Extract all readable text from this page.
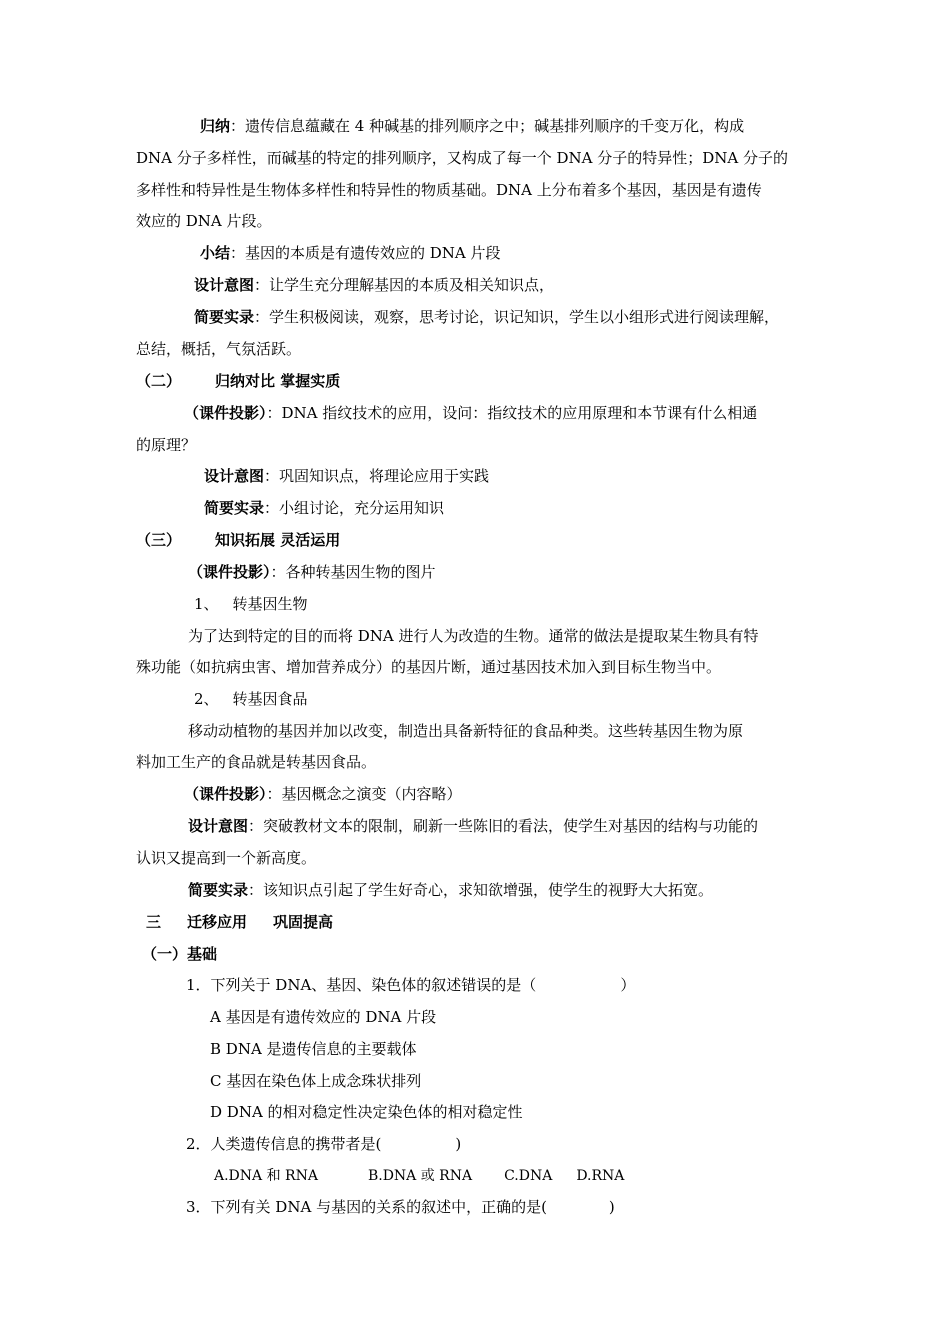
归纳：遗传信息蕴藏在 4 种碱基的排列顺序之中；碱基排列顺序的千变万化，构成
DNA 分子多样性，而碱基的特定的排列顺序，又构成了每一个 DNA 分子的特异性；DNA 分子的
多样性和特异性是生物体多样性和特异性的物质基础。DNA 上分布着多个基因，基因是有遗传
效应的 DNA 片段。
小结：基因的本质是有遗传效应的 DNA 片段
设计意图：让学生充分理解基因的本质及相关知识点，
简要实录：学生积极阅读，观察，思考讨论，识记知识，学生以小组形式进行阅读理解，
总结，概括，气氛活跃。
（二） 归纳对比 掌握实质
（课件投影）：DNA 指纹技术的应用，设问：指纹技术的应用原理和本节课有什么相通
的原理？
设计意图：巩固知识点，将理论应用于实践
简要实录：小组讨论，充分运用知识
（三） 知识拓展 灵活运用
（课件投影）：各种转基因生物的图片
1、 转基因生物
为了达到特定的目的而将 DNA 进行人为改造的生物。通常的做法是提取某生物具有特
殊功能（如抗病虫害、增加营养成分）的基因片断，通过基因技术加入到目标生物当中。
2、 转基因食品
移动动植物的基因并加以改变，制造出具备新特征的食品种类。这些转基因生物为原
料加工生产的食品就是转基因食品。
（课件投影）：基因概念之演变（内容略）
设计意图：突破教材文本的限制，刷新一些陈旧的看法，使学生对基因的结构与功能的
认识又提高到一个新高度。
简要实录：该知识点引起了学生好奇心，求知欲增强，使学生的视野大大拓宽。
三 迁移应用 巩固提高
（一）基础
1．下列关于 DNA、基因、染色体的叙述错误的是（	）
A 基因是有遗传效应的 DNA 片段
B DNA 是遗传信息的主要载体
C 基因在染色体上成念珠状排列
D DNA 的相对稳定性决定染色体的相对稳定性
2．人类遗传信息的携带者是(	)
A.DNA 和 RNA	B.DNA 或 RNA C.DNA D.RNA
3．下列有关 DNA 与基因的关系的叙述中，正确的是(	)
